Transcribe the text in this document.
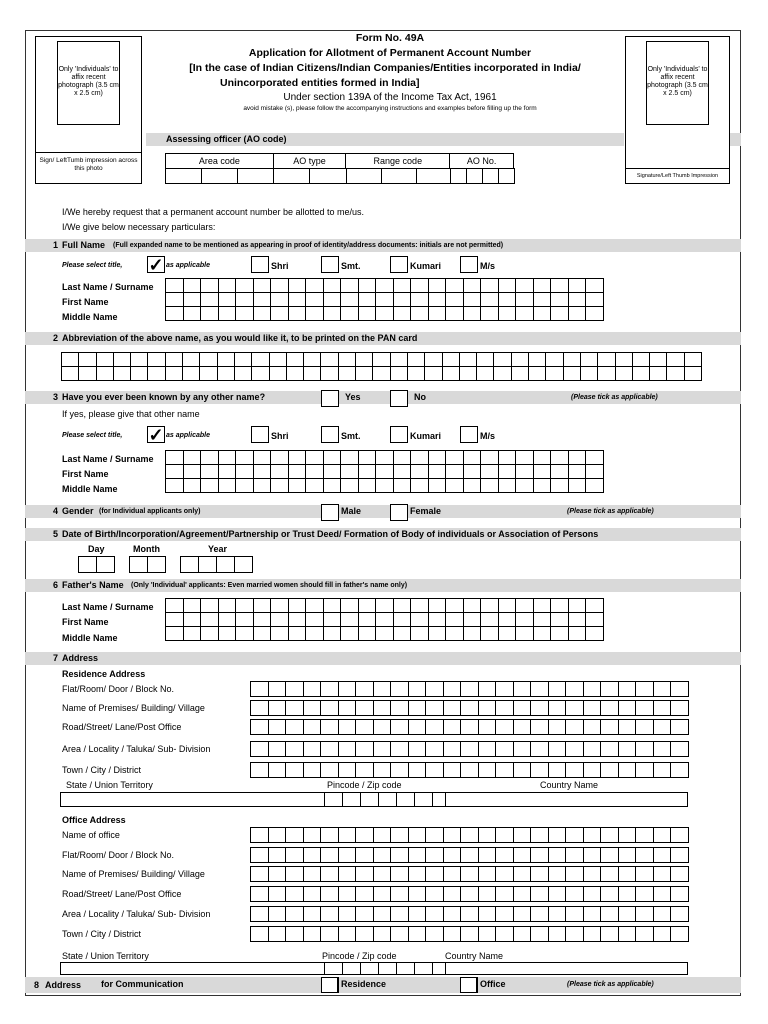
Form No. 49A
Application for Allotment of Permanent Account Number
[In the case of Indian Citizens/Indian Companies/Entities incorporated in India/
Unincorporated entities formed in India]
Under section 139A of the Income Tax Act, 1961
avoid mistake (s), please follow the accompanying instructions and examples before filling up the form
Only 'Individuals' to affix recent photograph (3.5 cm x 2.5 cm)
Sign/ LeftTumb impression across this photo
Only 'Individuals' to affix recent photograph (3.5 cm x 2.5 cm)
Signature/Left Thumb Impression
Assessing officer (AO code)
Area code	AO type	Range code	AO No.

I/We hereby request that a permanent account number be allotted to me/us.
I/We give below necessary particulars:
1 Full Name (Full expanded name to be mentioned as appearing in proof of identity/address documents: initials are not permitted)
Please select title, ✓ as applicable	Shri	Smt.	Kumari	M/s
Last Name / Surname
First Name
Middle Name

2 Abbreviation of the above name, as you would like it, to be printed on the PAN card

3 Have you ever been known by any other name?	Yes	No	(Please tick as applicable)
If yes, please give that other name
Please select title, ✓ as applicable	Shri	Smt.	Kumari	M/s
Last Name / Surname
First Name
Middle Name

4 Gender (for Individual applicants only)	Male	Female	(Please tick as applicable)
5 Date of Birth/Incorporation/Agreement/Partnership or Trust Deed/ Formation of Body of individuals or Association of Persons
Day	Month	Year

6 Father's Name (Only 'Individual' applicants: Even married women should fill in father's name only)
Last Name / Surname
First Name
Middle Name

7 Address
Residence Address
Flat/Room/ Door / Block No.

Name of Premises/ Building/ Village

Road/Street/ Lane/Post Office

Area / Locality / Taluka/ Sub- Division

Town / City / District

State / Union Territory	Pincode / Zip code	Country Name
Office Address
Name of office

Flat/Room/ Door / Block No.

Name of Premises/ Building/ Village

Road/Street/ Lane/Post Office

Area / Locality / Taluka/ Sub- Division

Town / City / District

State / Union Territory	Pincode / Zip code	Country Name
8 Address for Communication	Residence	Office	(Please tick as applicable)
